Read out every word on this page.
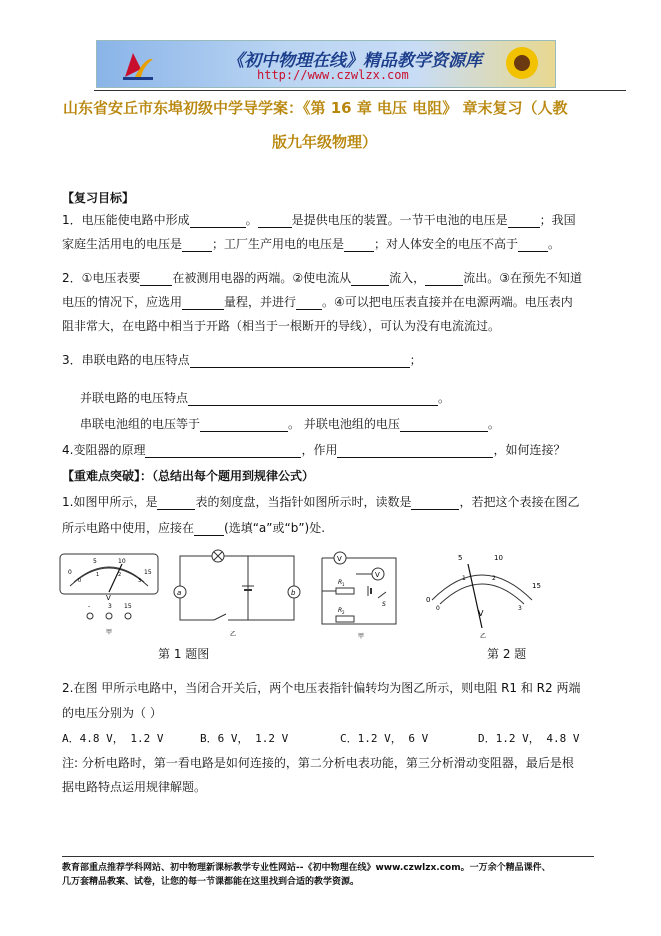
《初中物理在线》精品教学资源库
http://www.czwlzx.com
山东省安丘市东埠初级中学导学案：《第 16 章 电压 电阻》 章末复习（人教
版九年级物理）
【复习目标】
1．电压能使电路中形成	。	是提供电压的装置。一节干电池的电压是	；我国
家庭生活用电的电压是	；工厂生产用电的电压是	；对人体安全的电压不高于	。
2．①电压表要	在被测用电器的两端。②使电流从	流入，	流出。③在预先不知道
电压的情况下，应选用	量程，并进行 。④可以把电压表直接并在电源两端。电压表内
阻非常大，在电路中相当于开路（相当于一根断开的导线），可认为没有电流流过。
3．串联电路的电压特点	；
并联电路的电压特点	。
串联电池组的电压等于	。 并联电池组的电压	。
4.变阻器的原理	，作用	，如何连接？
【重难点突破】：（总结出每个题用到规律公式）
1.如图甲所示，是	表的刻度盘，当指针如图所示时，读数是	，若把这个表接在图乙
所示电路中使用，应接在	(选填“a”或“b”)处.
0
5	10
15
0
1	2
3
V
-	3 15
甲
a	b
乙
V
R 1
R 2
S
V
甲
0
5	10
15
0
1	2
3
V
乙
第 1 题图	第 2 题
2.在图 甲所示电路中，当闭合开关后，两个电压表指针偏转均为图乙所示，则电阻 R1 和 R2 两端
的电压分别为（ ）
A．4.8 V， 1.2 V	B．6 V， 1.2 V	C．1.2 V， 6 V	D．1.2 V， 4.8 V
注: 分析电路时，第一看电路是如何连接的，第二分析电表功能，第三分析滑动变阻器，最后是根
据电路特点运用规律解题。
教育部重点推荐学科网站、初中物理新课标教学专业性网站--《初中物理在线》www.czwlzx.com。一万余个精品课件、
几万套精品教案、试卷，让您的每一节课都能在这里找到合适的教学资源。
